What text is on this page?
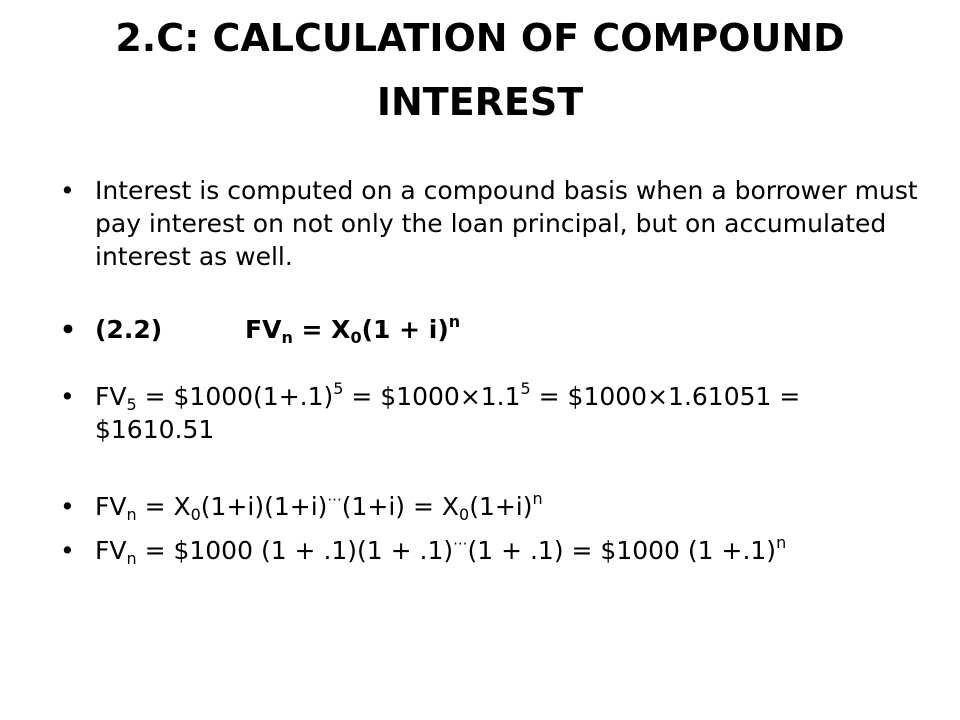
2.C: CALCULATION OF COMPOUND
INTEREST
• Interest is computed on a compound basis when a borrower must pay interest on not only the loan principal, but on accumulated interest as well.
• (2.2)	$FV_n = X_0(1 + i)^n$
• $FV_5$ = $\$1000(1+.1)^5$ = $\$1000\times 1.1^5$ = $1000×1.61051 = $1610.51
• $FV_n = X_0(1+i)(1+i)^{\cdot\cdot\cdot}(1+i) = X_0(1+i)^n$
• $FV_n$ = $1000 (1 + .1)(1 + .1)···(1 + .1) = $1000 $(1 +.1)^n$
